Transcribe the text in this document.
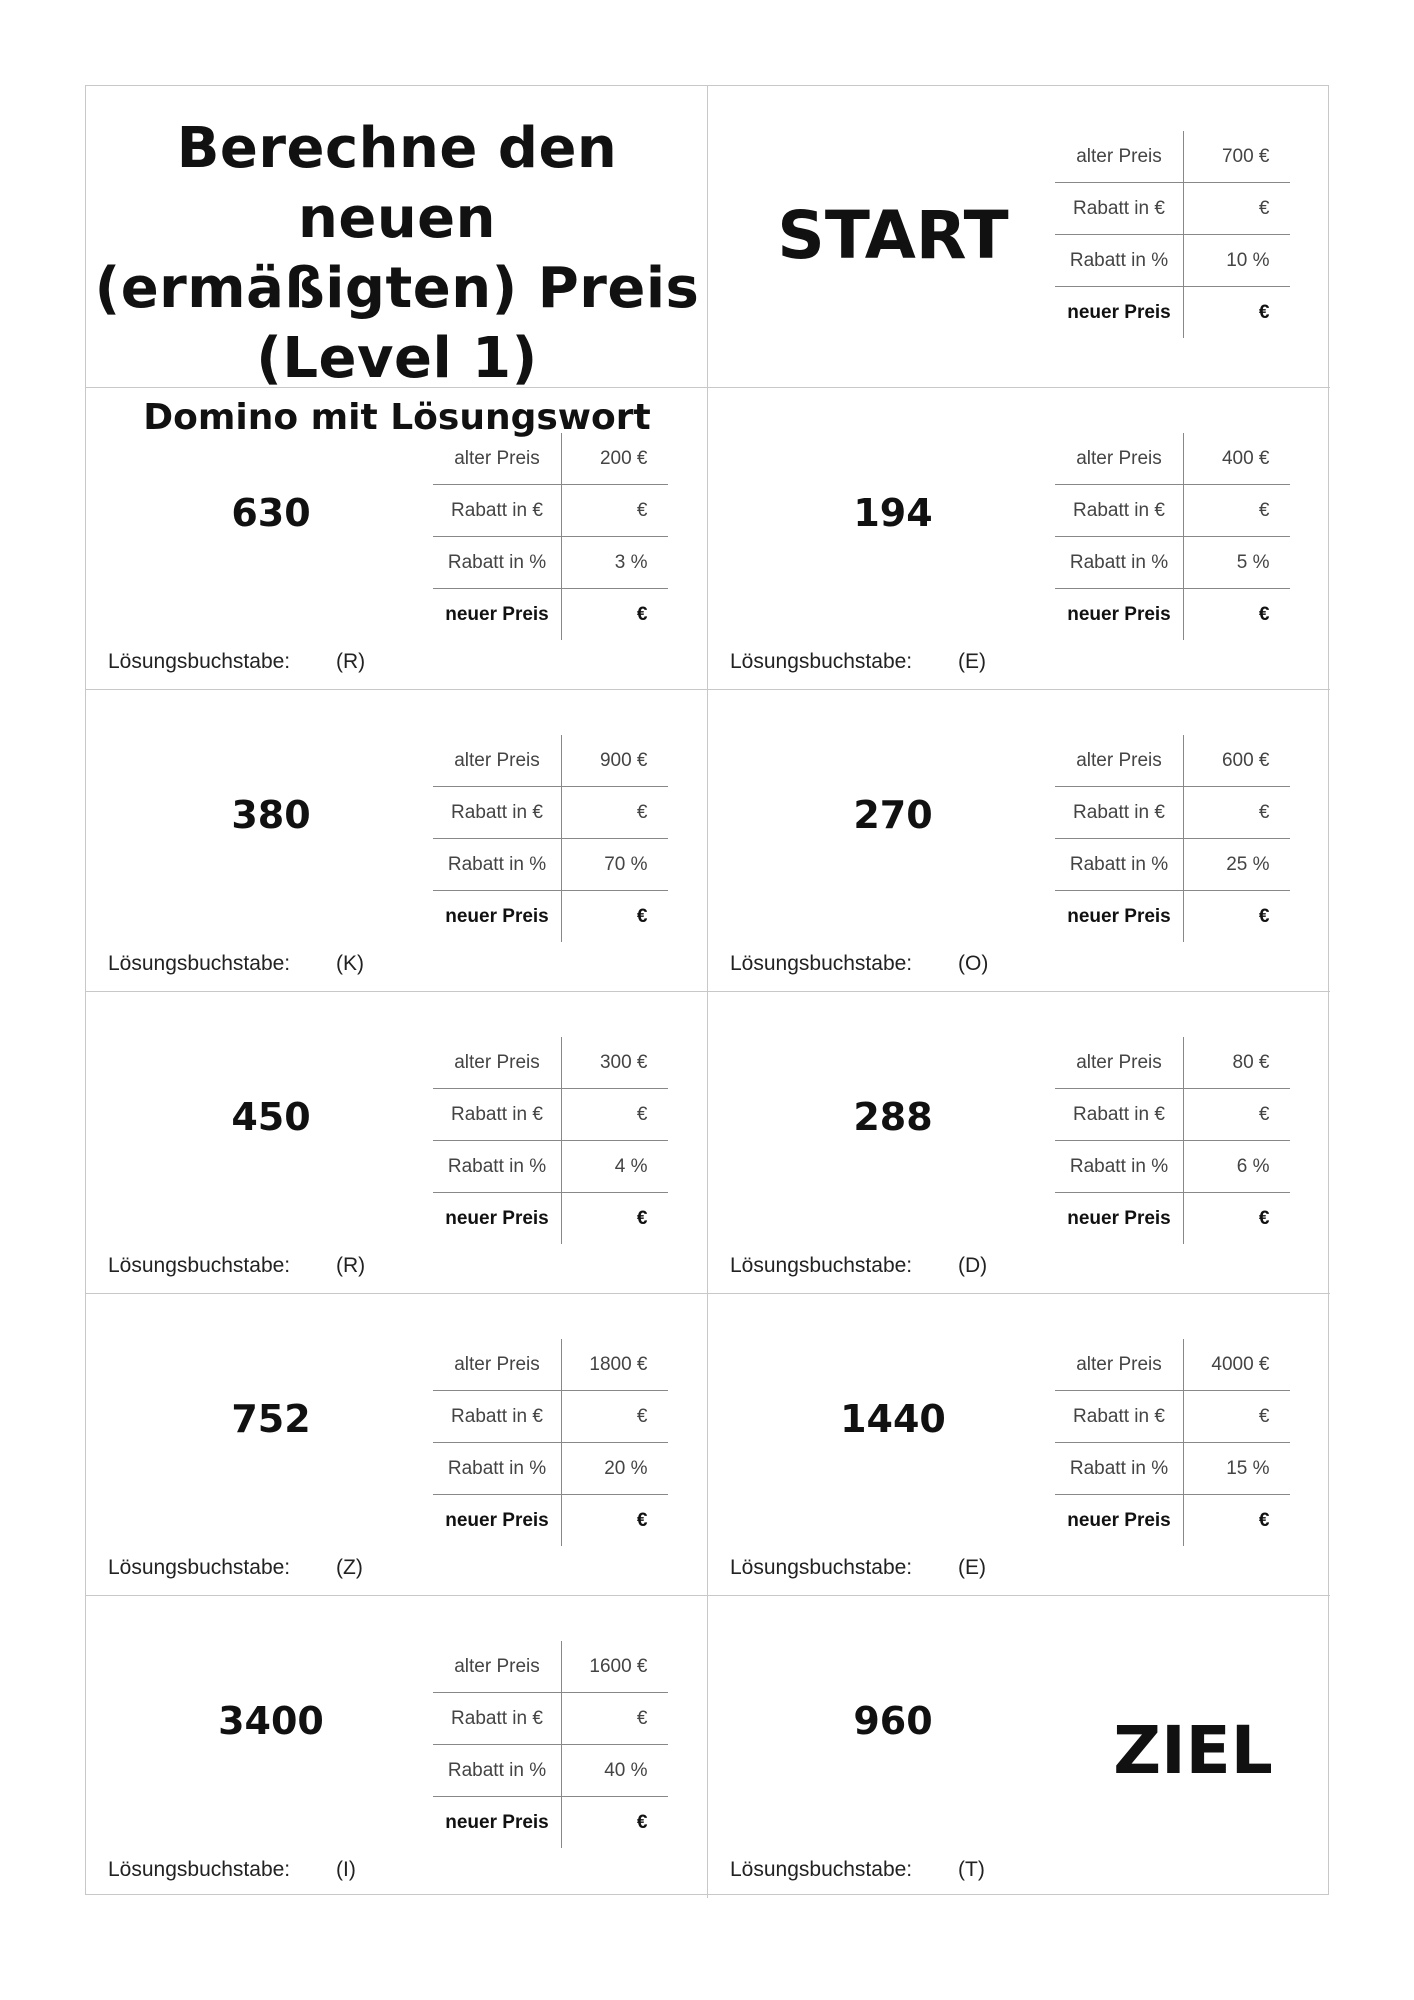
Berechne den neuen
(ermäßigten) Preis
(Level 1)
Domino mit Lösungswort
START
alter Preis	700 €
Rabatt in €	€
Rabatt in %	10 %
neuer Preis	€
630
alter Preis	200 €
Rabatt in €	€
Rabatt in %	3 %
neuer Preis	€
Lösungsbuchstabe: (R)
194
alter Preis	400 €
Rabatt in €	€
Rabatt in %	5 %
neuer Preis	€
Lösungsbuchstabe: (E)
380
alter Preis	900 €
Rabatt in €	€
Rabatt in %	70 %
neuer Preis	€
Lösungsbuchstabe: (K)
270
alter Preis	600 €
Rabatt in €	€
Rabatt in %	25 %
neuer Preis	€
Lösungsbuchstabe: (O)
450
alter Preis	300 €
Rabatt in €	€
Rabatt in %	4 %
neuer Preis	€
Lösungsbuchstabe: (R)
288
alter Preis	80 €
Rabatt in €	€
Rabatt in %	6 %
neuer Preis	€
Lösungsbuchstabe: (D)
752
alter Preis	1800 €
Rabatt in €	€
Rabatt in %	20 %
neuer Preis	€
Lösungsbuchstabe: (Z)
1440
alter Preis	4000 €
Rabatt in €	€
Rabatt in %	15 %
neuer Preis	€
Lösungsbuchstabe: (E)
3400
alter Preis	1600 €
Rabatt in €	€
Rabatt in %	40 %
neuer Preis	€
Lösungsbuchstabe: (I)
960	ZIEL
Lösungsbuchstabe: (T)
